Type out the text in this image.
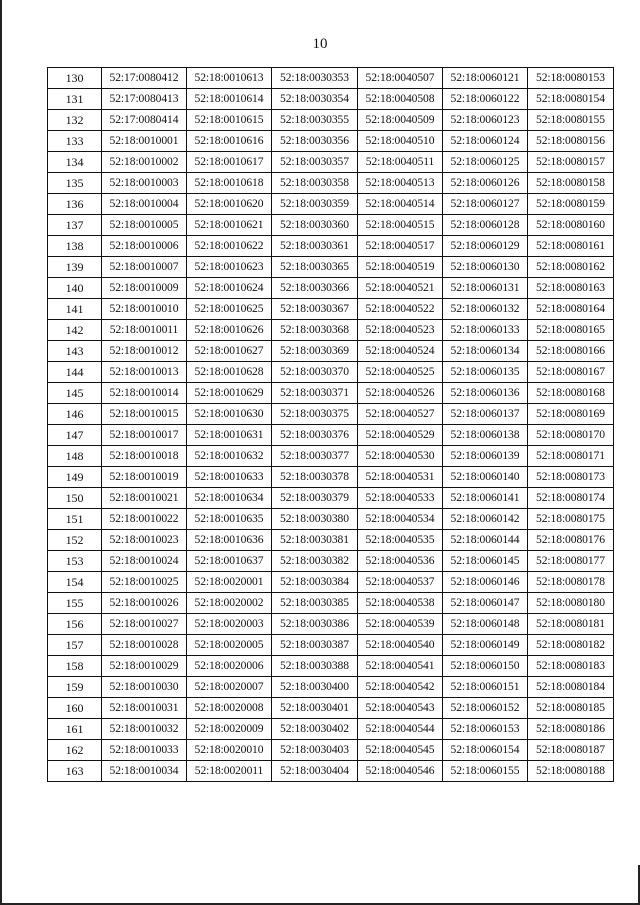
10
130	52:17:0080412	52:18:0010613	52:18:0030353	52:18:0040507	52:18:0060121	52:18:0080153
131	52:17:0080413	52:18:0010614	52:18:0030354	52:18:0040508	52:18:0060122	52:18:0080154
132	52:17:0080414	52:18:0010615	52:18:0030355	52:18:0040509	52:18:0060123	52:18:0080155
133	52:18:0010001	52:18:0010616	52:18:0030356	52:18:0040510	52:18:0060124	52:18:0080156
134	52:18:0010002	52:18:0010617	52:18:0030357	52:18:0040511	52:18:0060125	52:18:0080157
135	52:18:0010003	52:18:0010618	52:18:0030358	52:18:0040513	52:18:0060126	52:18:0080158
136	52:18:0010004	52:18:0010620	52:18:0030359	52:18:0040514	52:18:0060127	52:18:0080159
137	52:18:0010005	52:18:0010621	52:18:0030360	52:18:0040515	52:18:0060128	52:18:0080160
138	52:18:0010006	52:18:0010622	52:18:0030361	52:18:0040517	52:18:0060129	52:18:0080161
139	52:18:0010007	52:18:0010623	52:18:0030365	52:18:0040519	52:18:0060130	52:18:0080162
140	52:18:0010009	52:18:0010624	52:18:0030366	52:18:0040521	52:18:0060131	52:18:0080163
141	52:18:0010010	52:18:0010625	52:18:0030367	52:18:0040522	52:18:0060132	52:18:0080164
142	52:18:0010011	52:18:0010626	52:18:0030368	52:18:0040523	52:18:0060133	52:18:0080165
143	52:18:0010012	52:18:0010627	52:18:0030369	52:18:0040524	52:18:0060134	52:18:0080166
144	52:18:0010013	52:18:0010628	52:18:0030370	52:18:0040525	52:18:0060135	52:18:0080167
145	52:18:0010014	52:18:0010629	52:18:0030371	52:18:0040526	52:18:0060136	52:18:0080168
146	52:18:0010015	52:18:0010630	52:18:0030375	52:18:0040527	52:18:0060137	52:18:0080169
147	52:18:0010017	52:18:0010631	52:18:0030376	52:18:0040529	52:18:0060138	52:18:0080170
148	52:18:0010018	52:18:0010632	52:18:0030377	52:18:0040530	52:18:0060139	52:18:0080171
149	52:18:0010019	52:18:0010633	52:18:0030378	52:18:0040531	52:18:0060140	52:18:0080173
150	52:18:0010021	52:18:0010634	52:18:0030379	52:18:0040533	52:18:0060141	52:18:0080174
151	52:18:0010022	52:18:0010635	52:18:0030380	52:18:0040534	52:18:0060142	52:18:0080175
152	52:18:0010023	52:18:0010636	52:18:0030381	52:18:0040535	52:18:0060144	52:18:0080176
153	52:18:0010024	52:18:0010637	52:18:0030382	52:18:0040536	52:18:0060145	52:18:0080177
154	52:18:0010025	52:18:0020001	52:18:0030384	52:18:0040537	52:18:0060146	52:18:0080178
155	52:18:0010026	52:18:0020002	52:18:0030385	52:18:0040538	52:18:0060147	52:18:0080180
156	52:18:0010027	52:18:0020003	52:18:0030386	52:18:0040539	52:18:0060148	52:18:0080181
157	52:18:0010028	52:18:0020005	52:18:0030387	52:18:0040540	52:18:0060149	52:18:0080182
158	52:18:0010029	52:18:0020006	52:18:0030388	52:18:0040541	52:18:0060150	52:18:0080183
159	52:18:0010030	52:18:0020007	52:18:0030400	52:18:0040542	52:18:0060151	52:18:0080184
160	52:18:0010031	52:18:0020008	52:18:0030401	52:18:0040543	52:18:0060152	52:18:0080185
161	52:18:0010032	52:18:0020009	52:18:0030402	52:18:0040544	52:18:0060153	52:18:0080186
162	52:18:0010033	52:18:0020010	52:18:0030403	52:18:0040545	52:18:0060154	52:18:0080187
163	52:18:0010034	52:18:0020011	52:18:0030404	52:18:0040546	52:18:0060155	52:18:0080188
